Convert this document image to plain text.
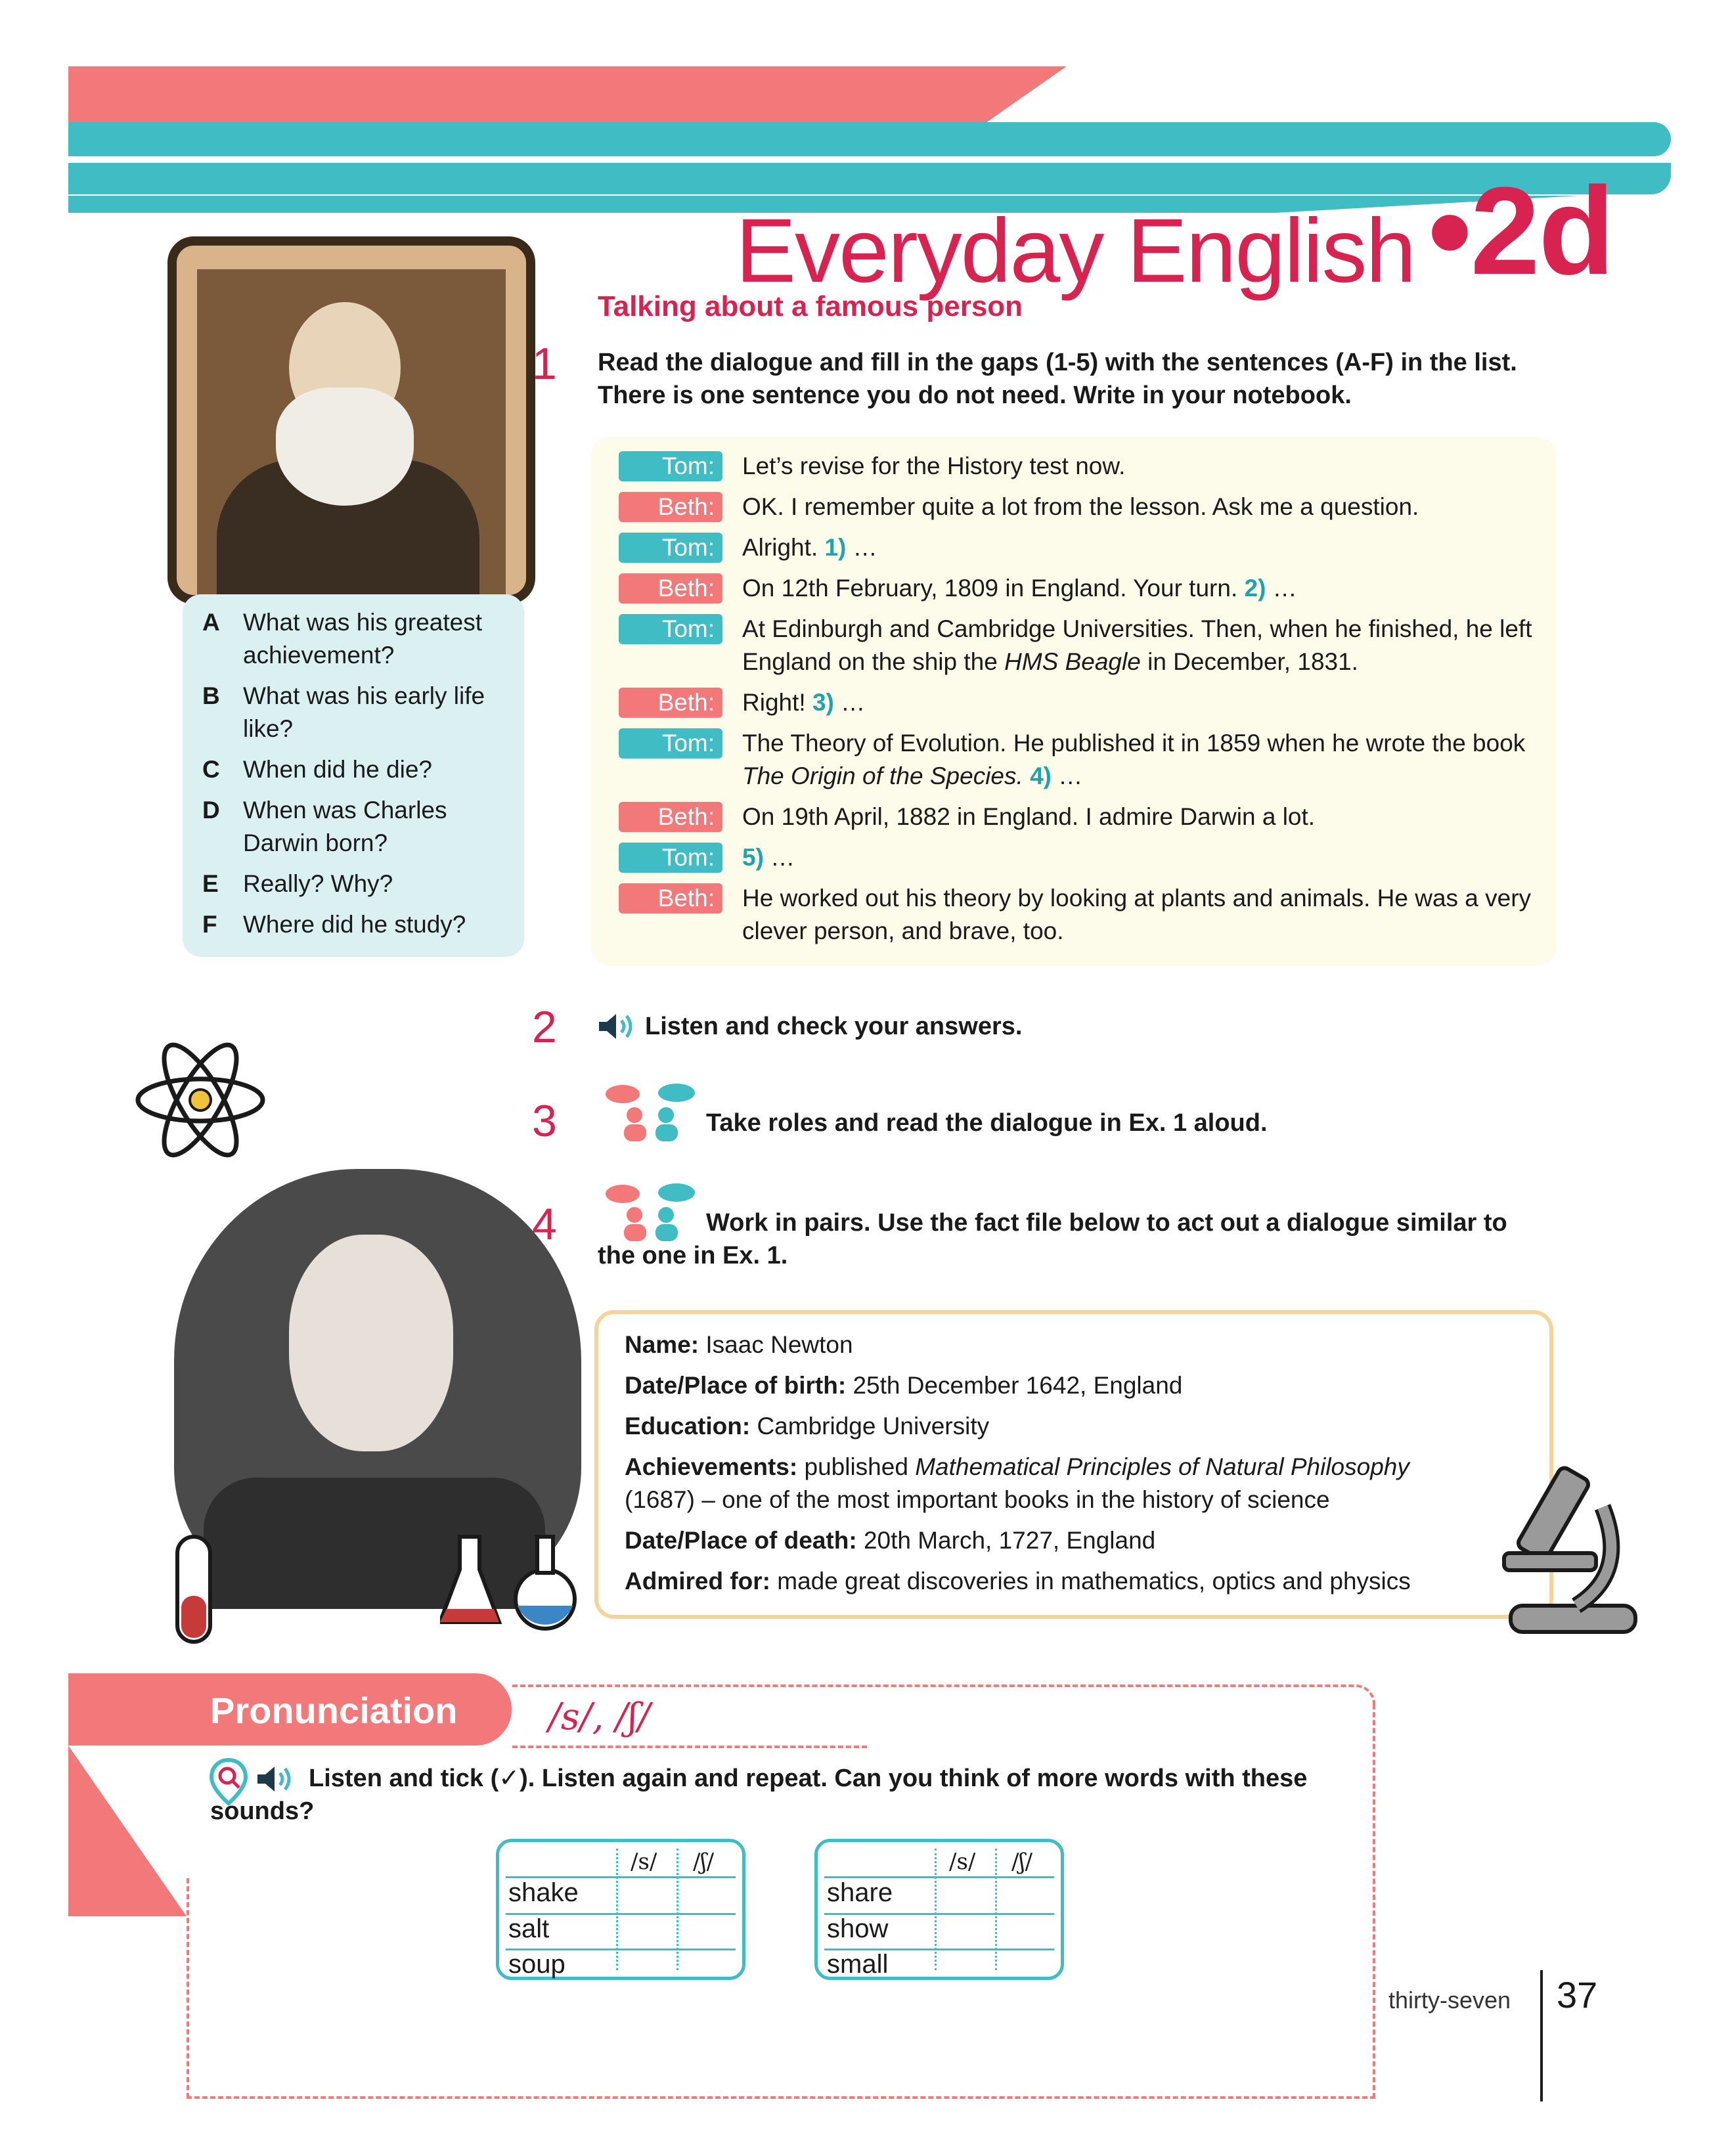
Everyday English •2d
Talking about a famous person
1 Read the dialogue and fill in the gaps (1-5) with the sentences (A-F) in the list. There is one sentence you do not need. Write in your notebook.
A What was his greatest achievement?
B What was his early life like?
C When did he die?
D When was Charles Darwin born?
E Really? Why?
F Where did he study?
Tom:	Let’s revise for the History test now.
Beth:	OK. I remember quite a lot from the lesson. Ask me a question.
Tom:	Alright. 1) …
Beth:	On 12th February, 1809 in England. Your turn. 2) …
Tom:	At Edinburgh and Cambridge Universities. Then, when he finished, he left England on the ship the HMS Beagle in December, 1831.
Beth:	Right! 3) …
Tom:	The Theory of Evolution. He published it in 1859 when he wrote the book The Origin of the Species. 4) …
Beth:	On 19th April, 1882 in England. I admire Darwin a lot.
Tom:	5) …
Beth:	He worked out his theory by looking at plants and animals. He was a very clever person, and brave, too.
2	Listen and check your answers.
3	Take roles and read the dialogue in Ex. 1 aloud.
4	Work in pairs. Use the fact file below to act out a dialogue similar to the one in Ex. 1.
Name: Isaac Newton
Date/Place of birth: 25th December 1642, England
Education: Cambridge University
Achievements: published Mathematical Principles of Natural Philosophy
(1687) – one of the most important books in the history of science
Date/Place of death: 20th March, 1727, England
Admired for: made great discoveries in mathematics, optics and physics
Pronunciation /s/, /ʃ/
Listen and tick (✓). Listen again and repeat. Can you think of more words with these sounds?
/s/ /ʃ/
shake
salt
soup
/s/ /ʃ/
share
show
small
thirty-seven 37
